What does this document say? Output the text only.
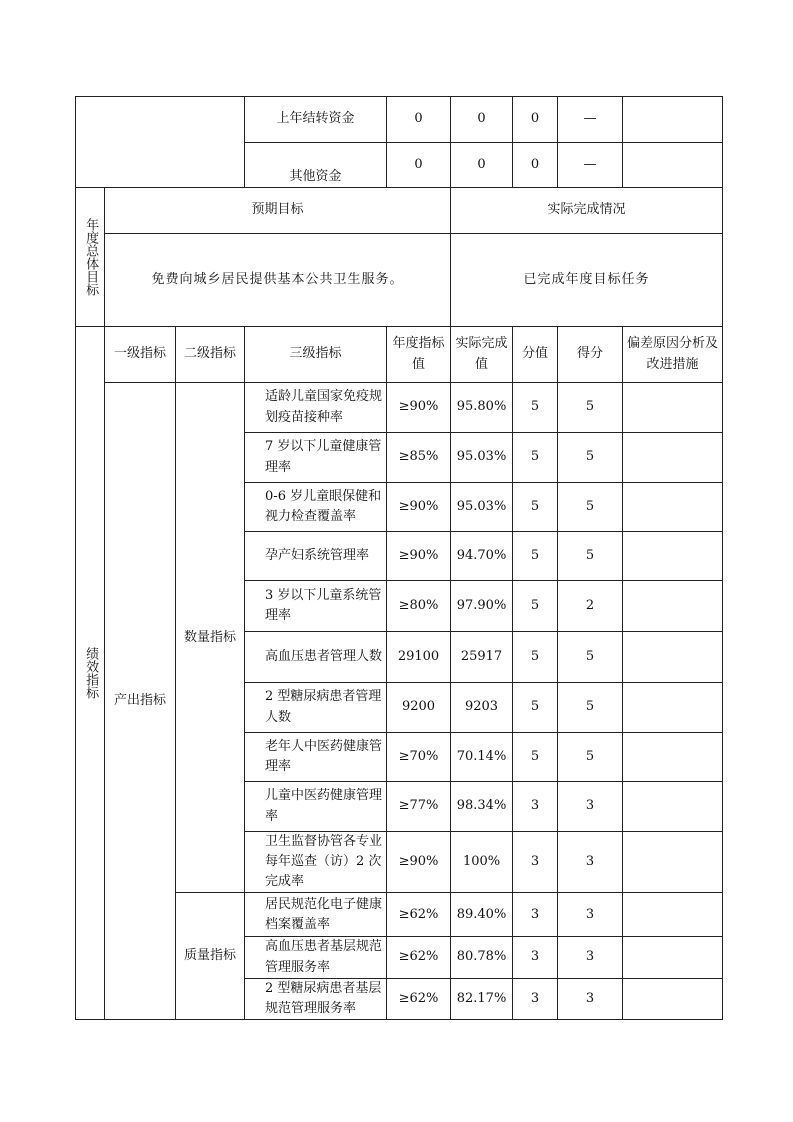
			上年结转资金	0	0	0	—	
			其他资金	0	0	0	—	

年度总体目标	预期目标				实际完成情况			
	免费向城乡居民提供基本公共卫生服务。				已完成年度目标任务			

绩效指标	一级指标	二级指标	三级指标	年度指标值	实际完成值	分值	得分	偏差原因分析及改进措施
	产出指标	数量指标	适龄儿童国家免疫规划疫苗接种率	≥90%	95.80%	5	5	
			7 岁以下儿童健康管理率	≥85%	95.03%	5	5	
			0-6 岁儿童眼保健和视力检查覆盖率	≥90%	95.03%	5	5	
			孕产妇系统管理率	≥90%	94.70%	5	5	
			3 岁以下儿童系统管理率	≥80%	97.90%	5	2	
			高血压患者管理人数	29100	25917	5	5	
			2 型糖尿病患者管理人数	9200	9203	5	5	
			老年人中医药健康管理率	≥70%	70.14%	5	5	
			儿童中医药健康管理率	≥77%	98.34%	3	3	
			卫生监督协管各专业每年巡查（访）2 次完成率	≥90%	100%	3	3	
		质量指标	居民规范化电子健康档案覆盖率	≥62%	89.40%	3	3	
			高血压患者基层规范管理服务率	≥62%	80.78%	3	3	
			2 型糖尿病患者基层规范管理服务率	≥62%	82.17%	3	3	
